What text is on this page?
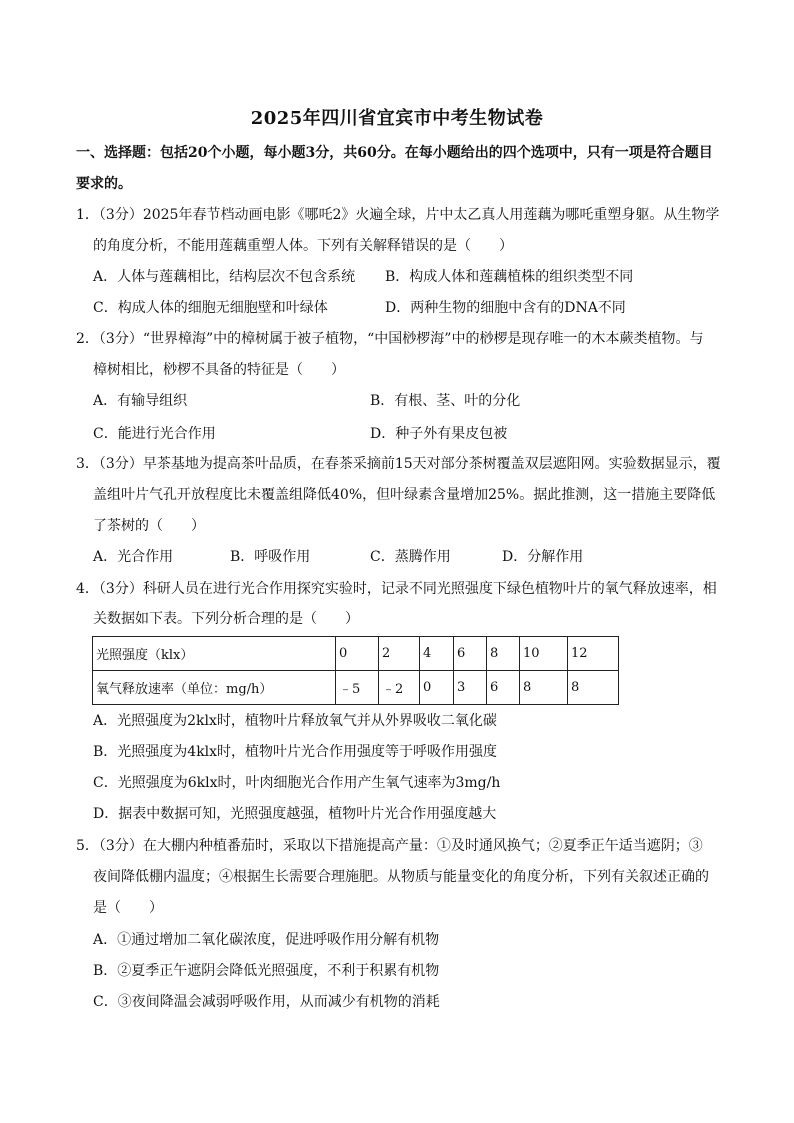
2025年四川省宜宾市中考生物试卷
一、选择题：包括20个小题，每小题3分，共60分。在每小题给出的四个选项中，只有一项是符合题目
要求的。
1．（3分）2025年春节档动画电影《哪吒2》火遍全球，片中太乙真人用莲藕为哪吒重塑身躯。从生物学
的角度分析，不能用莲藕重塑人体。下列有关解释错误的是（　　）
A．人体与莲藕相比，结构层次不包含系统 B．构成人体和莲藕植株的组织类型不同
C．构成人体的细胞无细胞壁和叶绿体	D．两种生物的细胞中含有的DNA不同
2．（3分）“世界樟海”中的樟树属于被子植物，“中国桫椤海”中的桫椤是现存唯一的木本蕨类植物。与
樟树相比，桫椤不具备的特征是（　　）
A．有输导组织	B．有根、茎、叶的分化
C．能进行光合作用	D．种子外有果皮包被
3．（3分）早茶基地为提高茶叶品质，在春茶采摘前15天对部分茶树覆盖双层遮阳网。实验数据显示，覆
盖组叶片气孔开放程度比未覆盖组降低40%，但叶绿素含量增加25%。据此推测，这一措施主要降低
了茶树的（　　）
A．光合作用	B．呼吸作用	C．蒸腾作用	D．分解作用
4．（3分）科研人员在进行光合作用探究实验时，记录不同光照强度下绿色植物叶片的氧气释放速率，相
关数据如下表。下列分析合理的是（　　）
光照强度（klx）	0	2	4	6	8	10	12
氧气释放速率（单位：mg/h）	﹣5	﹣2	0	3	6	8	8
A．光照强度为2klx时，植物叶片释放氧气并从外界吸收二氧化碳
B．光照强度为4klx时，植物叶片光合作用强度等于呼吸作用强度
C．光照强度为6klx时，叶肉细胞光合作用产生氧气速率为3mg/h
D．据表中数据可知，光照强度越强，植物叶片光合作用强度越大
5．（3分）在大棚内种植番茄时，采取以下措施提高产量：①及时通风换气；②夏季正午适当遮阴；③
夜间降低棚内温度；④根据生长需要合理施肥。从物质与能量变化的角度分析，下列有关叙述正确的
是（　　）
A．①通过增加二氧化碳浓度，促进呼吸作用分解有机物
B．②夏季正午遮阴会降低光照强度，不利于积累有机物
C．③夜间降温会减弱呼吸作用，从而减少有机物的消耗
